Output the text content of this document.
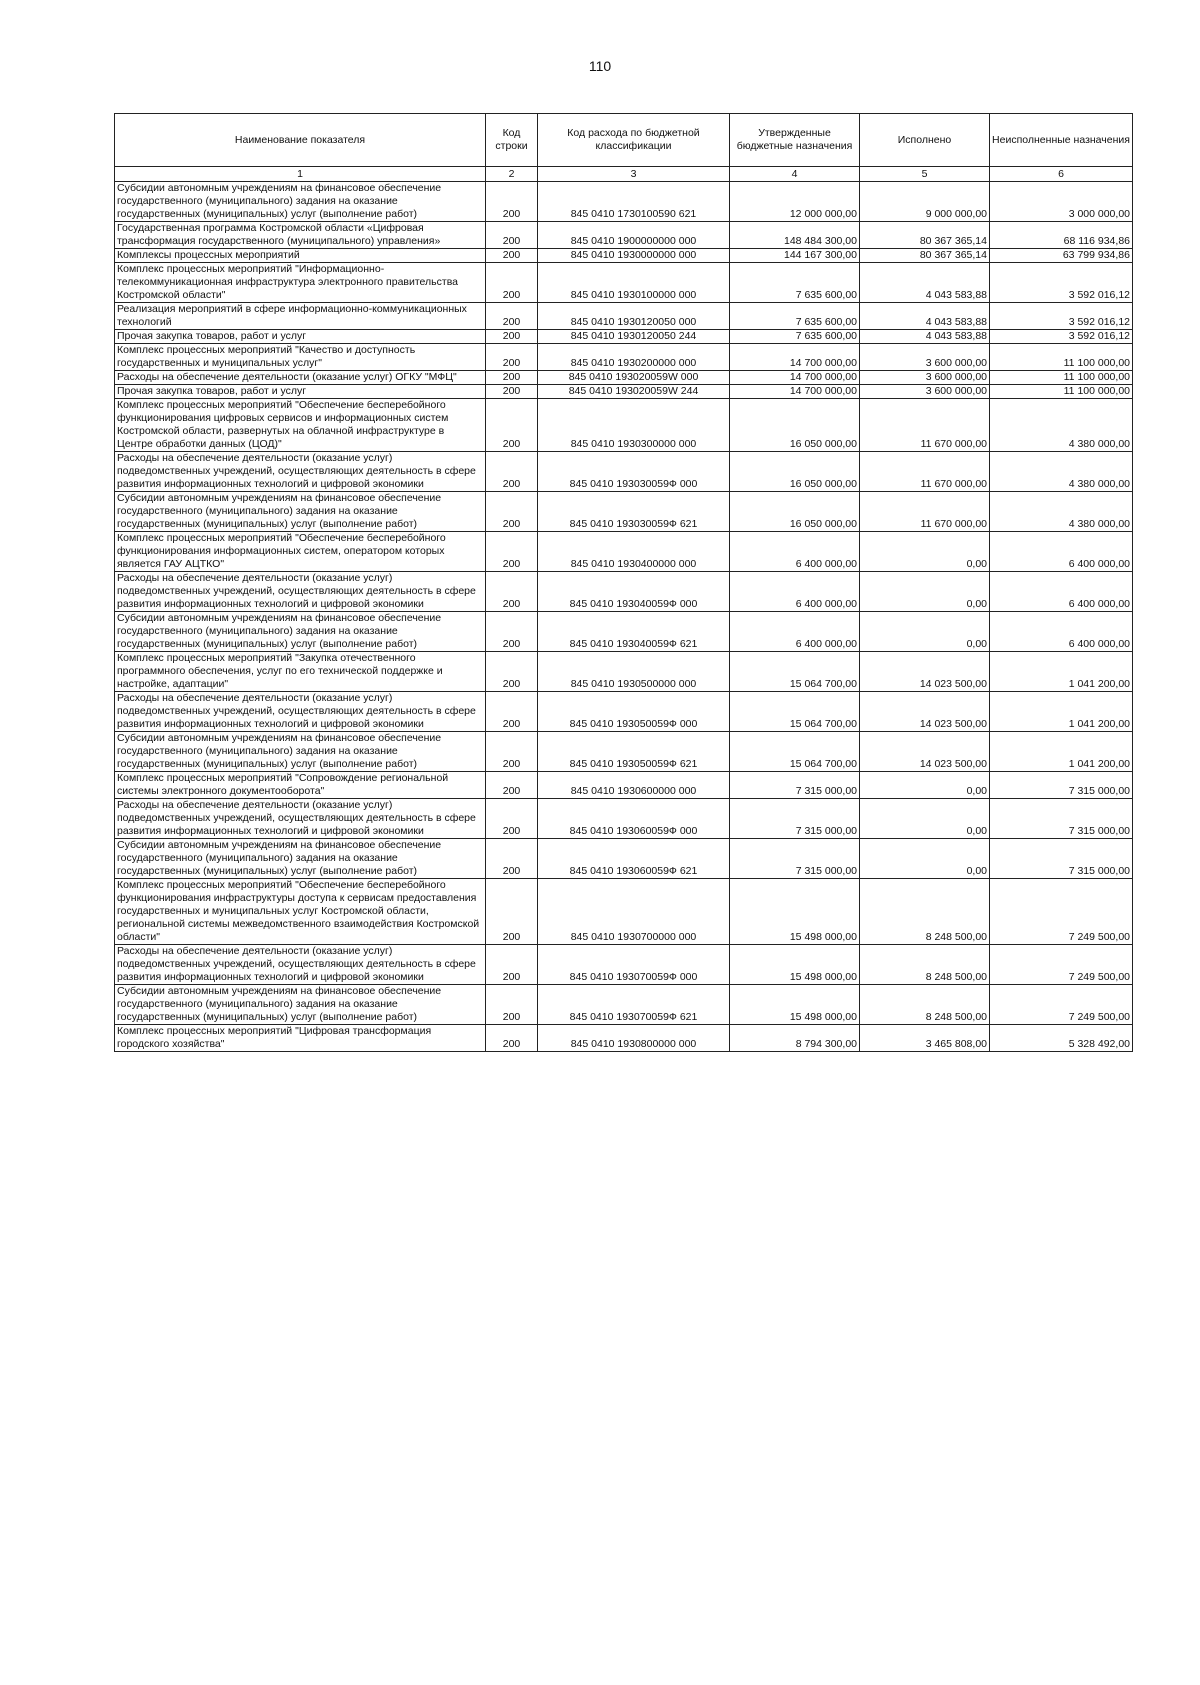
110
Наименование показателя	Код строки	Код расхода по бюджетной классификации	Утвержденные бюджетные назначения	Исполнено	Неисполненные назначения
1	2	3	4	5	6
Субсидии автономным учреждениям на финансовое обеспечение государственного (муниципального) задания на оказание государственных (муниципальных) услуг (выполнение работ)	200	845 0410 1730100590 621	12 000 000,00	9 000 000,00	3 000 000,00
Государственная программа Костромской области «Цифровая трансформация государственного (муниципального) управления»	200	845 0410 1900000000 000	148 484 300,00	80 367 365,14	68 116 934,86
Комплексы процессных мероприятий	200	845 0410 1930000000 000	144 167 300,00	80 367 365,14	63 799 934,86
Комплекс процессных мероприятий "Информационно-телекоммуникационная инфраструктура электронного правительства Костромской области"	200	845 0410 1930100000 000	7 635 600,00	4 043 583,88	3 592 016,12
Реализация мероприятий в сфере информационно-коммуникационных технологий	200	845 0410 1930120050 000	7 635 600,00	4 043 583,88	3 592 016,12
Прочая закупка товаров, работ и услуг	200	845 0410 1930120050 244	7 635 600,00	4 043 583,88	3 592 016,12
Комплекс процессных мероприятий "Качество и доступность государственных и муниципальных услуг"	200	845 0410 1930200000 000	14 700 000,00	3 600 000,00	11 100 000,00
Расходы на обеспечение деятельности (оказание услуг) ОГКУ "МФЦ"	200	845 0410 193020059W 000	14 700 000,00	3 600 000,00	11 100 000,00
Прочая закупка товаров, работ и услуг	200	845 0410 193020059W 244	14 700 000,00	3 600 000,00	11 100 000,00
Комплекс процессных мероприятий "Обеспечение бесперебойного функционирования цифровых сервисов и информационных систем Костромской области, развернутых на облачной инфраструктуре в Центре обработки данных (ЦОД)"	200	845 0410 1930300000 000	16 050 000,00	11 670 000,00	4 380 000,00
Расходы на обеспечение деятельности (оказание услуг) подведомственных учреждений, осуществляющих деятельность в сфере развития информационных технологий и цифровой экономики	200	845 0410 193030059Ф 000	16 050 000,00	11 670 000,00	4 380 000,00
Субсидии автономным учреждениям на финансовое обеспечение государственного (муниципального) задания на оказание государственных (муниципальных) услуг (выполнение работ)	200	845 0410 193030059Ф 621	16 050 000,00	11 670 000,00	4 380 000,00
Комплекс процессных мероприятий "Обеспечение бесперебойного функционирования информационных систем, оператором которых является ГАУ АЦТКО"	200	845 0410 1930400000 000	6 400 000,00	0,00	6 400 000,00
Расходы на обеспечение деятельности (оказание услуг) подведомственных учреждений, осуществляющих деятельность в сфере развития информационных технологий и цифровой экономики	200	845 0410 193040059Ф 000	6 400 000,00	0,00	6 400 000,00
Субсидии автономным учреждениям на финансовое обеспечение государственного (муниципального) задания на оказание государственных (муниципальных) услуг (выполнение работ)	200	845 0410 193040059Ф 621	6 400 000,00	0,00	6 400 000,00
Комплекс процессных мероприятий "Закупка отечественного программного обеспечения, услуг по его технической поддержке и настройке, адаптации"	200	845 0410 1930500000 000	15 064 700,00	14 023 500,00	1 041 200,00
Расходы на обеспечение деятельности (оказание услуг) подведомственных учреждений, осуществляющих деятельность в сфере развития информационных технологий и цифровой экономики	200	845 0410 193050059Ф 000	15 064 700,00	14 023 500,00	1 041 200,00
Субсидии автономным учреждениям на финансовое обеспечение государственного (муниципального) задания на оказание государственных (муниципальных) услуг (выполнение работ)	200	845 0410 193050059Ф 621	15 064 700,00	14 023 500,00	1 041 200,00
Комплекс процессных мероприятий "Сопровождение региональной системы электронного документооборота"	200	845 0410 1930600000 000	7 315 000,00	0,00	7 315 000,00
Расходы на обеспечение деятельности (оказание услуг) подведомственных учреждений, осуществляющих деятельность в сфере развития информационных технологий и цифровой экономики	200	845 0410 193060059Ф 000	7 315 000,00	0,00	7 315 000,00
Субсидии автономным учреждениям на финансовое обеспечение государственного (муниципального) задания на оказание государственных (муниципальных) услуг (выполнение работ)	200	845 0410 193060059Ф 621	7 315 000,00	0,00	7 315 000,00
Комплекс процессных мероприятий "Обеспечение бесперебойного функционирования инфраструктуры доступа к сервисам предоставления государственных и муниципальных услуг Костромской области, региональной системы межведомственного взаимодействия Костромской области"	200	845 0410 1930700000 000	15 498 000,00	8 248 500,00	7 249 500,00
Расходы на обеспечение деятельности (оказание услуг) подведомственных учреждений, осуществляющих деятельность в сфере развития информационных технологий и цифровой экономики	200	845 0410 193070059Ф 000	15 498 000,00	8 248 500,00	7 249 500,00
Субсидии автономным учреждениям на финансовое обеспечение государственного (муниципального) задания на оказание государственных (муниципальных) услуг (выполнение работ)	200	845 0410 193070059Ф 621	15 498 000,00	8 248 500,00	7 249 500,00
Комплекс процессных мероприятий "Цифровая трансформация городского хозяйства"	200	845 0410 1930800000 000	8 794 300,00	3 465 808,00	5 328 492,00
